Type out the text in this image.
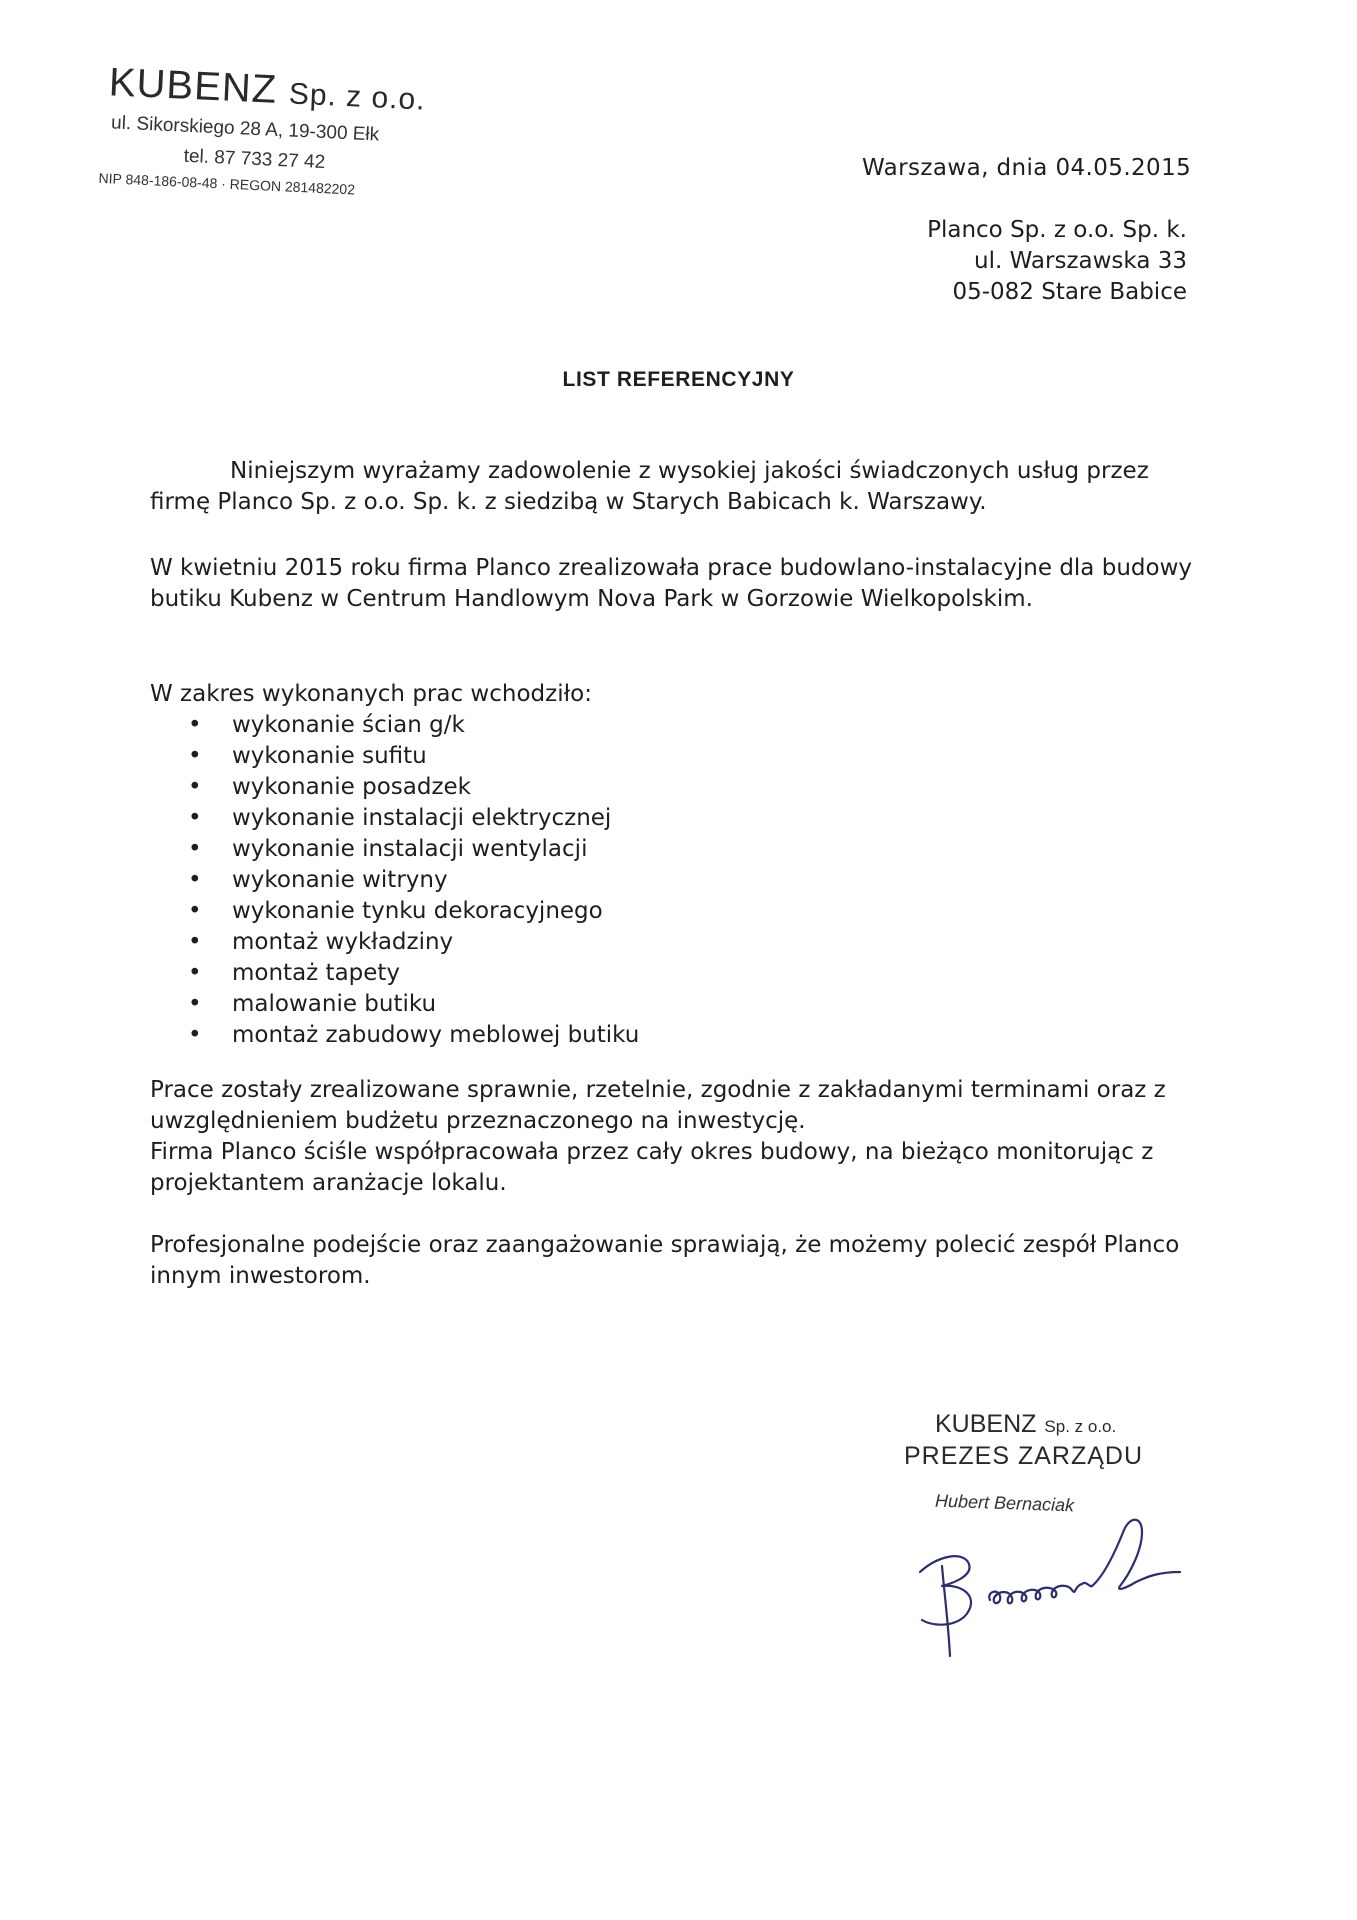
KUBENZ Sp. z o.o.
ul. Sikorskiego 28 A, 19-300 Ełk
tel. 87 733 27 42
NIP 848-186-08-48 · REGON 281482202
Warszawa, dnia 04.05.2015
Planco Sp. z o.o. Sp. k.
ul. Warszawska 33
05-082 Stare Babice
LIST REFERENCYJNY
Niniejszym wyrażamy zadowolenie z wysokiej jakości świadczonych usług przez firmę Planco Sp. z o.o. Sp. k. z siedzibą w Starych Babicach k. Warszawy.
W kwietniu 2015 roku firma Planco zrealizowała prace budowlano-instalacyjne dla budowy butiku Kubenz w Centrum Handlowym Nova Park w Gorzowie Wielkopolskim.
W zakres wykonanych prac wchodziło:
• wykonanie ścian g/k
• wykonanie sufitu
• wykonanie posadzek
• wykonanie instalacji elektrycznej
• wykonanie instalacji wentylacji
• wykonanie witryny
• wykonanie tynku dekoracyjnego
• montaż wykładziny
• montaż tapety
• malowanie butiku
• montaż zabudowy meblowej butiku
Prace zostały zrealizowane sprawnie, rzetelnie, zgodnie z zakładanymi terminami oraz z uwzględnieniem budżetu przeznaczonego na inwestycję.
Firma Planco ściśle współpracowała przez cały okres budowy, na bieżąco monitorując z projektantem aranżacje lokalu.
Profesjonalne podejście oraz zaangażowanie sprawiają, że możemy polecić zespół Planco innym inwestorom.
KUBENZ Sp. z o.o.
PREZES ZARZĄDU
Hubert Bernaciak
